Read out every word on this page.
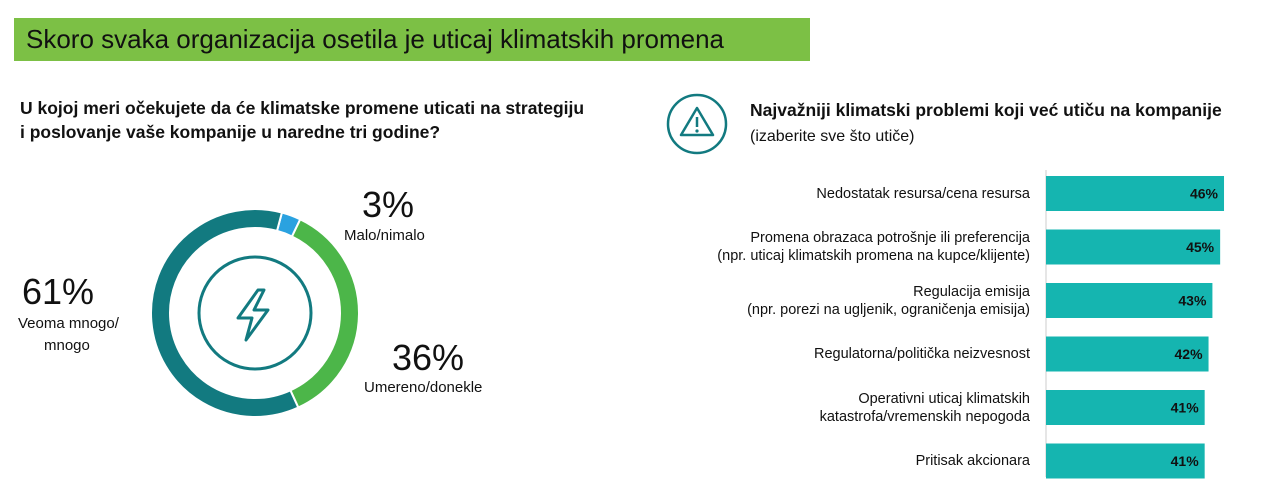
Skoro svaka organizacija osetila je uticaj klimatskih promena
U kojoj meri očekujete da će klimatske promene uticati na strategiju
i poslovanje vaše kompanije u naredne tri godine?
61%
Veoma mnogo/
mnogo
3%
Malo/nimalo
36%
Umereno/donekle
Najvažniji klimatski problemi koji već utiču na kompanije
(izaberite sve što utiče)
46%
45%
43%
42%
41%
41%
Nedostatak resursa/cena resursa
Promena obrazaca potrošnje ili preferencija
(npr. uticaj klimatskih promena na kupce/klijente)
Regulacija emisija
(npr. porezi na ugljenik, ograničenja emisija)
Regulatorna/politička neizvesnost
Operativni uticaj klimatskih
katastrofa/vremenskih nepogoda
Pritisak akcionara
